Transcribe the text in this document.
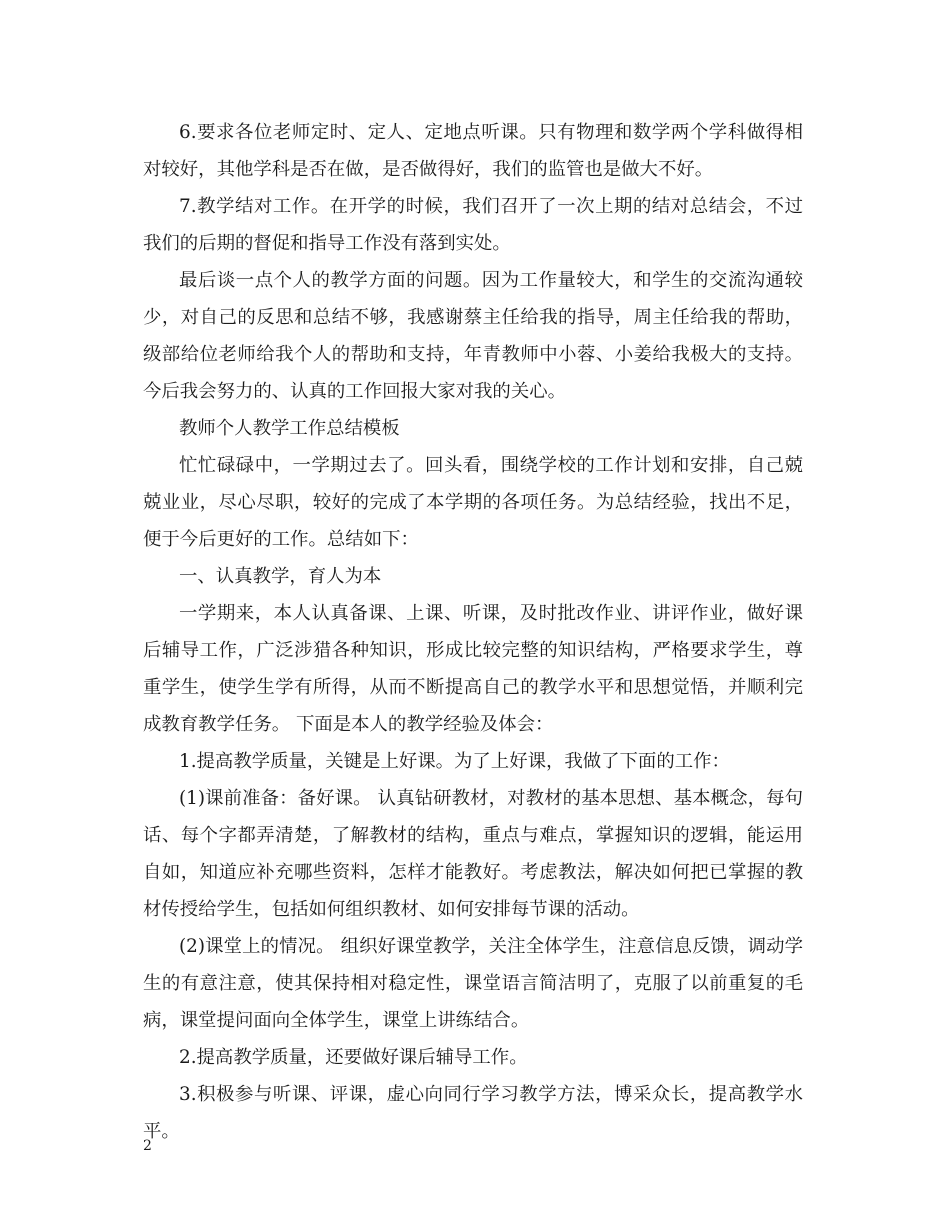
6.要求各位老师定时、定人、定地点听课。只有物理和数学两个学科做得相对较好，其他学科是否在做，是否做得好，我们的监管也是做大不好。

7.教学结对工作。在开学的时候，我们召开了一次上期的结对总结会，不过我们的后期的督促和指导工作没有落到实处。

最后谈一点个人的教学方面的问题。因为工作量较大，和学生的交流沟通较少，对自己的反思和总结不够，我感谢蔡主任给我的指导，周主任给我的帮助，级部给位老师给我个人的帮助和支持，年青教师中小蓉、小姜给我极大的支持。今后我会努力的、认真的工作回报大家对我的关心。

教师个人教学工作总结模板

忙忙碌碌中，一学期过去了。回头看，围绕学校的工作计划和安排，自己兢兢业业，尽心尽职，较好的完成了本学期的各项任务。为总结经验，找出不足，便于今后更好的工作。总结如下：

一、认真教学，育人为本

一学期来，本人认真备课、上课、听课，及时批改作业、讲评作业，做好课后辅导工作，广泛涉猎各种知识，形成比较完整的知识结构，严格要求学生，尊重学生，使学生学有所得，从而不断提高自己的教学水平和思想觉悟，并顺利完成教育教学任务。 下面是本人的教学经验及体会：

1.提高教学质量，关键是上好课。为了上好课，我做了下面的工作：

(1)课前准备：备好课。 认真钻研教材，对教材的基本思想、基本概念，每句话、每个字都弄清楚，了解教材的结构，重点与难点，掌握知识的逻辑，能运用自如，知道应补充哪些资料，怎样才能教好。考虑教法，解决如何把已掌握的教材传授给学生，包括如何组织教材、如何安排每节课的活动。

(2)课堂上的情况。 组织好课堂教学，关注全体学生，注意信息反馈，调动学生的有意注意，使其保持相对稳定性，课堂语言简洁明了，克服了以前重复的毛病，课堂提问面向全体学生，课堂上讲练结合。

2.提高教学质量，还要做好课后辅导工作。

3.积极参与听课、评课，虚心向同行学习教学方法，博采众长，提高教学水平。

2
